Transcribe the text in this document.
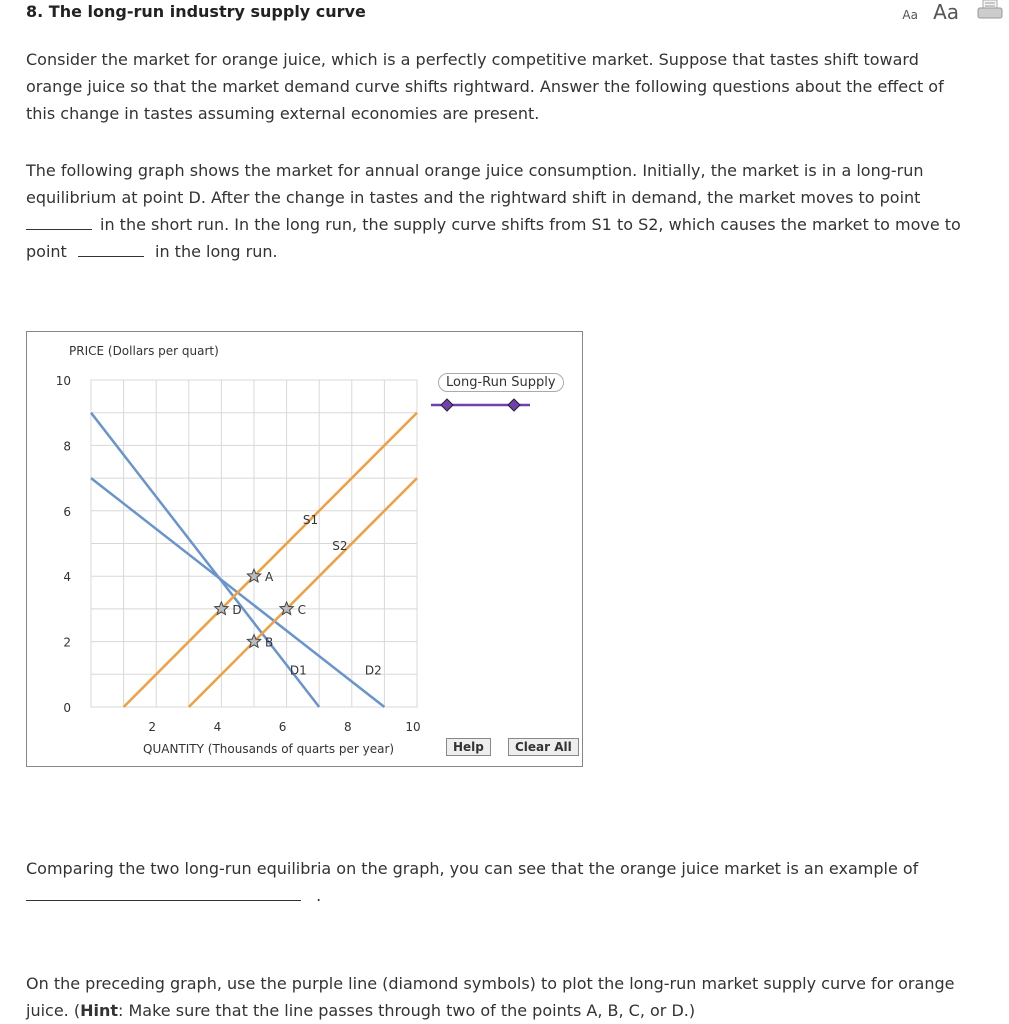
8. The long-run industry supply curve	Aa Aa
Consider the market for orange juice, which is a perfectly competitive market. Suppose that tastes shift toward
orange juice so that the market demand curve shifts rightward. Answer the following questions about the effect of
this change in tastes assuming external economies are present.
The following graph shows the market for annual orange juice consumption. Initially, the market is in a long-run
equilibrium at point D. After the change in tastes and the rightward shift in demand, the market moves to point
in the short run. In the long run, the supply curve shifts from S1 to S2, which causes the market to move to
point	in the long run.
PRICE (Dollars per quart)
QUANTITY (Thousands of quarts per year)
0
2
4
6
8
10
2	4	6	8	10
D1	D2
S1
S2
A
B
C
D
Long-Run Supply
Help	Clear All
Comparing the two long-run equilibria on the graph, you can see that the orange juice market is an example of
.
On the preceding graph, use the purple line (diamond symbols) to plot the long-run market supply curve for orange
juice. (Hint: Make sure that the line passes through two of the points A, B, C, or D.)
